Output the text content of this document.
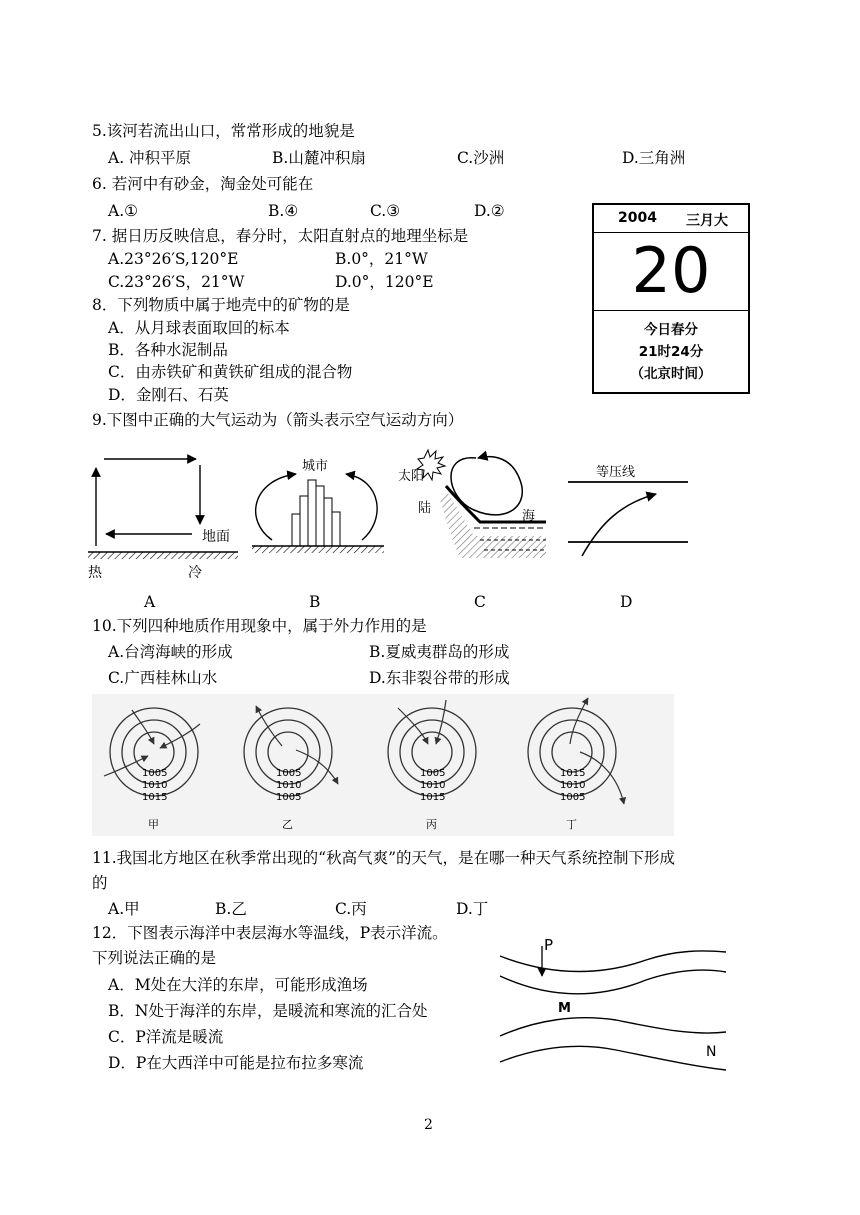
5.该河若流出山口，常常形成的地貌是
A. 冲积平原	B.山麓冲积扇	C.沙洲	D.三角洲
6. 若河中有砂金，淘金处可能在
A.①	B.④	C.③	D.②
7. 据日历反映信息，春分时，太阳直射点的地理坐标是
A.23°26′S,120°E	B.0°，21°W
C.23°26′S，21°W	D.0°，120°E
8．下列物质中属于地壳中的矿物的是
A．从月球表面取回的标本
B．各种水泥制品
C．由赤铁矿和黄铁矿组成的混合物
D．金刚石、石英
2004 三月大
20
今日春分
21时24分
（北京时间）
9.下图中正确的大气运动为（箭头表示空气运动方向）
地面
热	冷
城市
太阳
陆
海
等压线
A	B	C	D
10.下列四种地质作用现象中，属于外力作用的是
A.台湾海峡的形成	B.夏威夷群岛的形成
C.广西桂林山水	D.东非裂谷带的形成
1005
1010
1015
甲
1005
1010
1005
乙
1005
1010
1015
丙
1015
1010
1005
丁
11.我国北方地区在秋季常出现的“秋高气爽”的天气，是在哪一种天气系统控制下形成
的
A.甲	B.乙	C.丙	D.丁
12．下图表示海洋中表层海水等温线，P表示洋流。
下列说法正确的是
A．M处在大洋的东岸，可能形成渔场
B．N处于海洋的东岸，是暖流和寒流的汇合处
C．P洋流是暖流
D．P在大西洋中可能是拉布拉多寒流
P
M
N
2
